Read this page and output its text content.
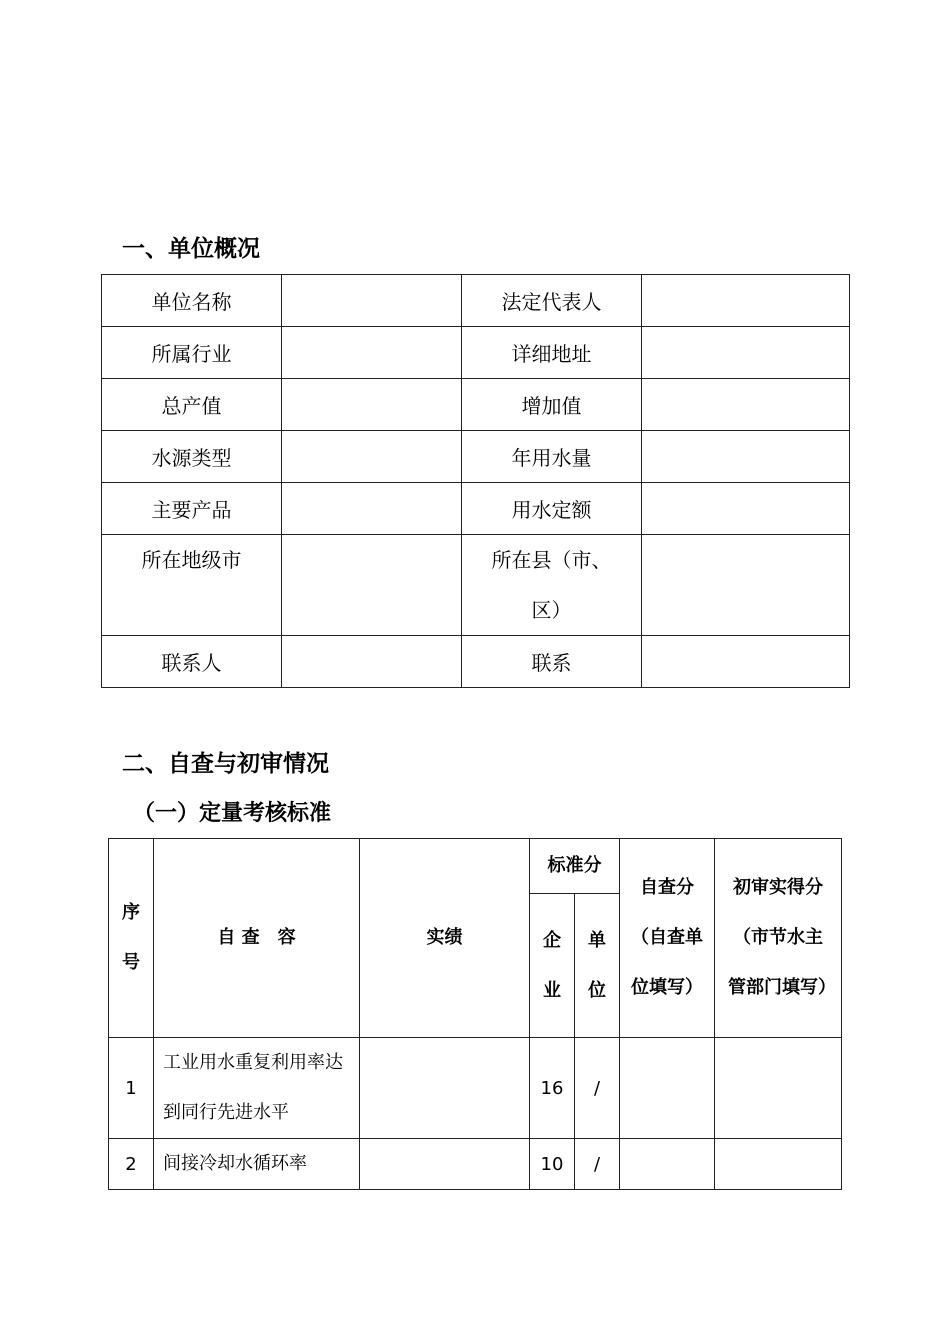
一、单位概况
单位名称		法定代表人	
所属行业		详细地址	
总产值		增加值	
水源类型		年用水量	
主要产品		用水定额	
所在地级市		所在县（市、区）	

联系人		联系	
二、自查与初审情况
（一）定量考核标准
序号	自 查　容	实绩	标准分		自查分（自查单位填写）	初审实得分（市节水主管部门填写）

			企业	单位		

1	工业用水重复利用率达到同行先进水平		16	/		
2	间接冷却水循环率		10	/		
